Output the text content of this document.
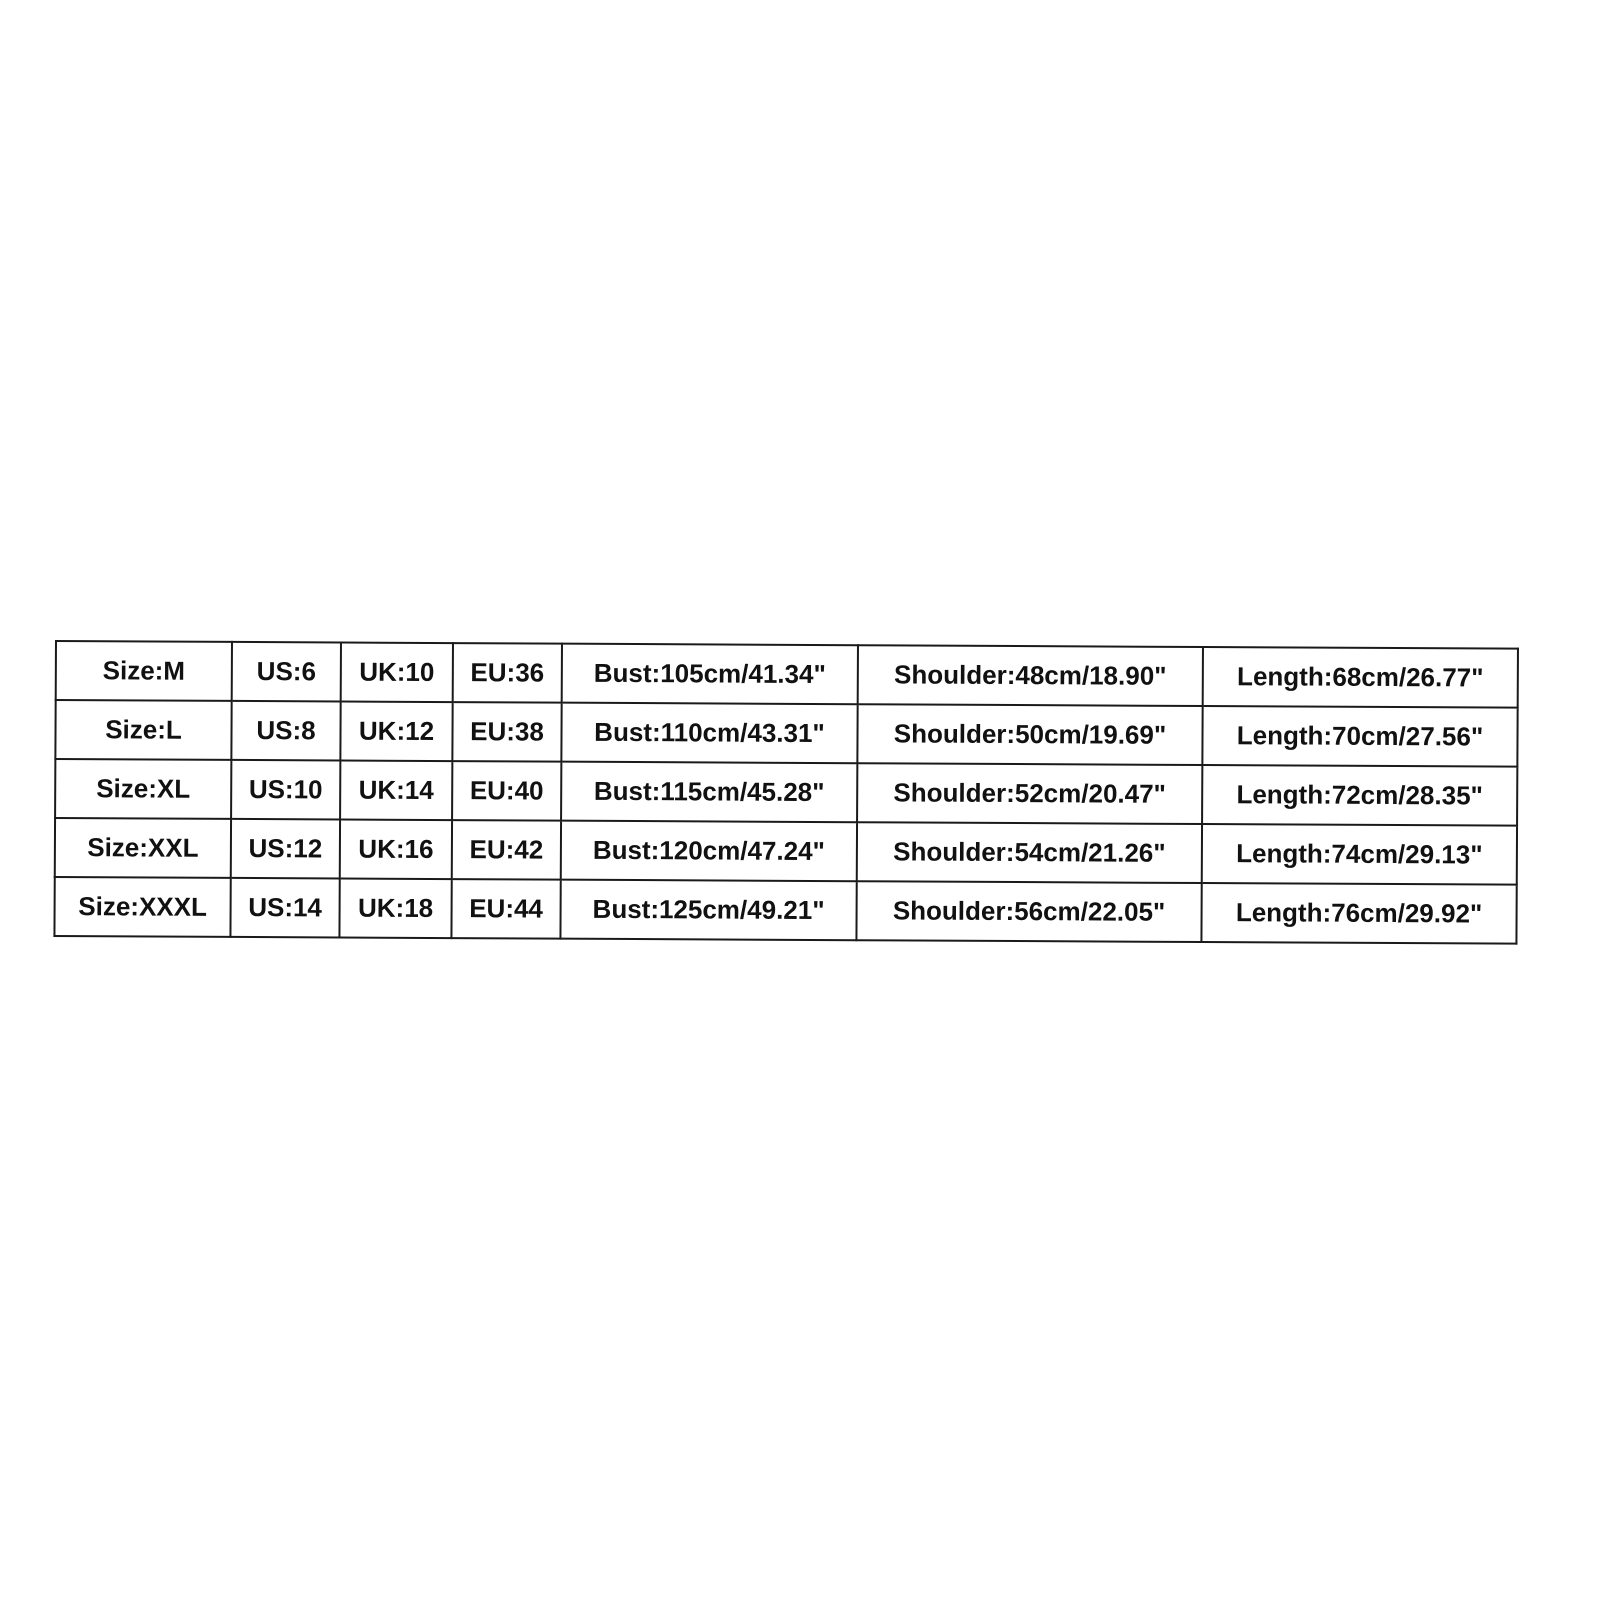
Size:M	US:6	UK:10	EU:36	Bust:105cm/41.34"	Shoulder:48cm/18.90"	Length:68cm/26.77"
Size:L	US:8	UK:12	EU:38	Bust:110cm/43.31"	Shoulder:50cm/19.69"	Length:70cm/27.56"
Size:XL	US:10	UK:14	EU:40	Bust:115cm/45.28"	Shoulder:52cm/20.47"	Length:72cm/28.35"
Size:XXL	US:12	UK:16	EU:42	Bust:120cm/47.24"	Shoulder:54cm/21.26"	Length:74cm/29.13"
Size:XXXL	US:14	UK:18	EU:44	Bust:125cm/49.21"	Shoulder:56cm/22.05"	Length:76cm/29.92"
